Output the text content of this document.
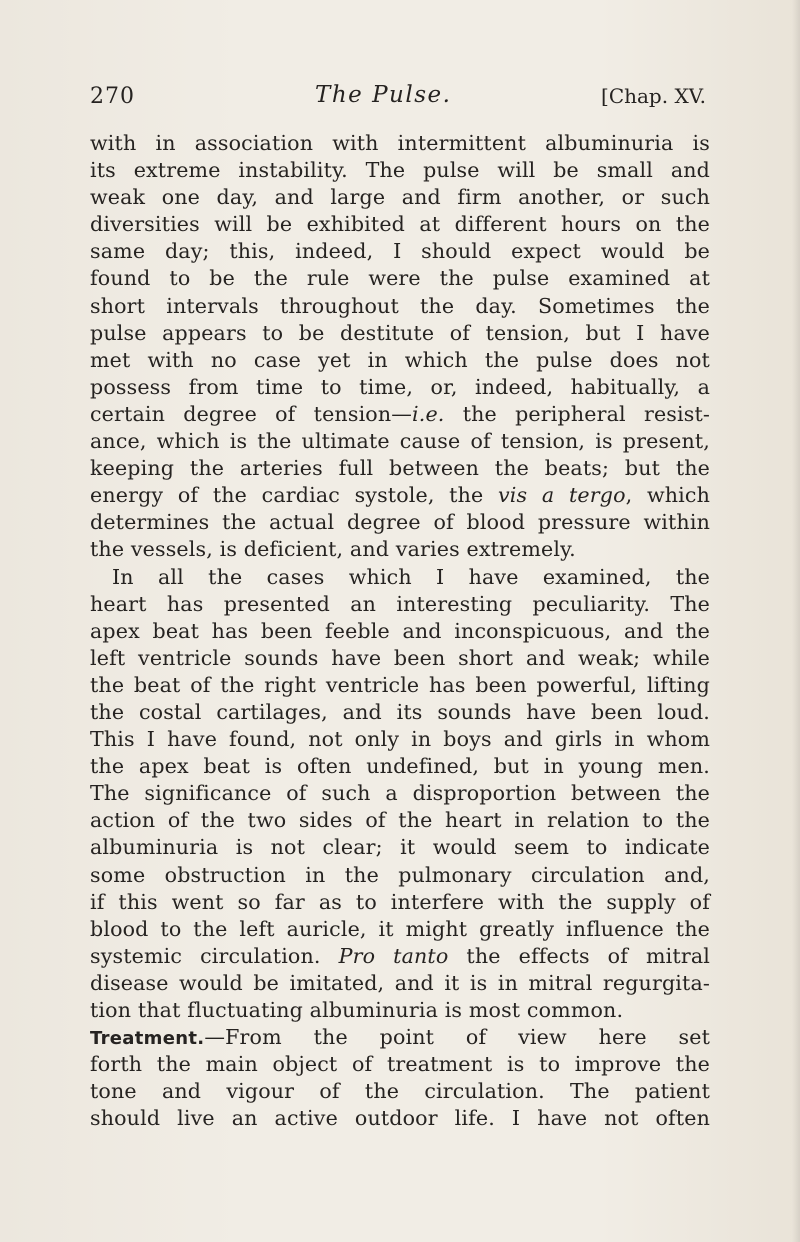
270	The Pulse.	[Chap. XV.
with in association with intermittent albuminuria is
its extreme instability. The pulse will be small and
weak one day, and large and firm another, or such
diversities will be exhibited at different hours on the
same day; this, indeed, I should expect would be
found to be the rule were the pulse examined at
short intervals throughout the day. Sometimes the
pulse appears to be destitute of tension, but I have
met with no case yet in which the pulse does not
possess from time to time, or, indeed, habitually, a
certain degree of tension—i.e. the peripheral resist-
ance, which is the ultimate cause of tension, is present,
keeping the arteries full between the beats; but the
energy of the cardiac systole, the vis a tergo, which
determines the actual degree of blood pressure within
the vessels, is deficient, and varies extremely.
In all the cases which I have examined, the
heart has presented an interesting peculiarity. The
apex beat has been feeble and inconspicuous, and the
left ventricle sounds have been short and weak; while
the beat of the right ventricle has been powerful, lifting
the costal cartilages, and its sounds have been loud.
This I have found, not only in boys and girls in whom
the apex beat is often undefined, but in young men.
The significance of such a disproportion between the
action of the two sides of the heart in relation to the
albuminuria is not clear; it would seem to indicate
some obstruction in the pulmonary circulation and,
if this went so far as to interfere with the supply of
blood to the left auricle, it might greatly influence the
systemic circulation. Pro tanto the effects of mitral
disease would be imitated, and it is in mitral regurgita-
tion that fluctuating albuminuria is most common.
Treatment.—From the point of view here set
forth the main object of treatment is to improve the
tone and vigour of the circulation. The patient
should live an active outdoor life. I have not often
